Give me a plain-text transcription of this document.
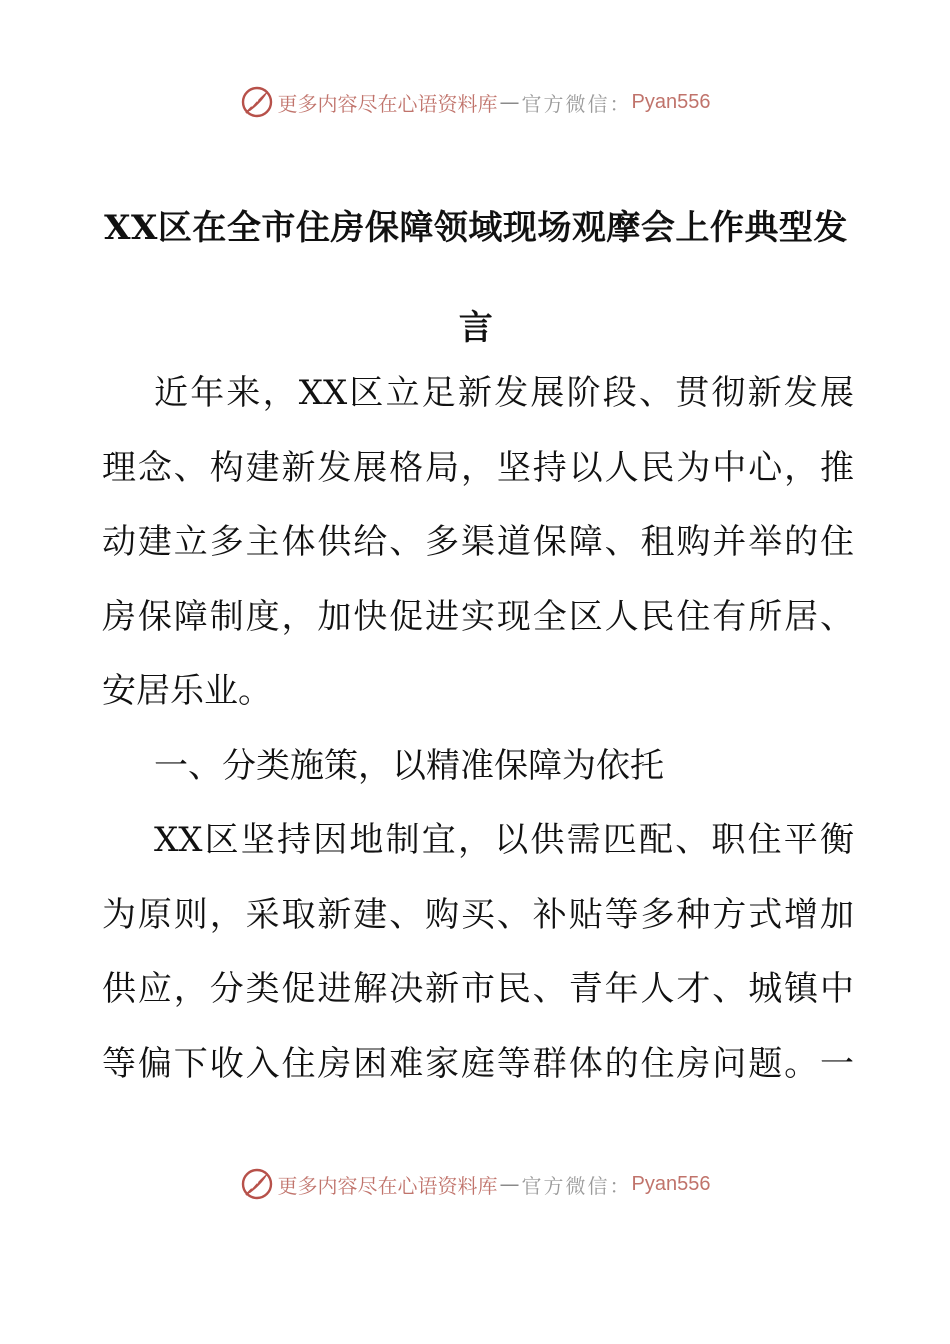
更多内容尽在心语资料库 — 官方微信： Pyan556
XX区在全市住房保障领域现场观摩会上作典型发
言
近年来，XX区立足新发展阶段、贯彻新发展
理念、构建新发展格局，坚持以人民为中心，推
动建立多主体供给、多渠道保障、租购并举的住
房保障制度，加快促进实现全区人民住有所居、
安居乐业。
一、分类施策，以精准保障为依托
XX区坚持因地制宜，以供需匹配、职住平衡
为原则，采取新建、购买、补贴等多种方式增加
供应，分类促进解决新市民、青年人才、城镇中
等偏下收入住房困难家庭等群体的住房问题。一
更多内容尽在心语资料库 — 官方微信： Pyan556
